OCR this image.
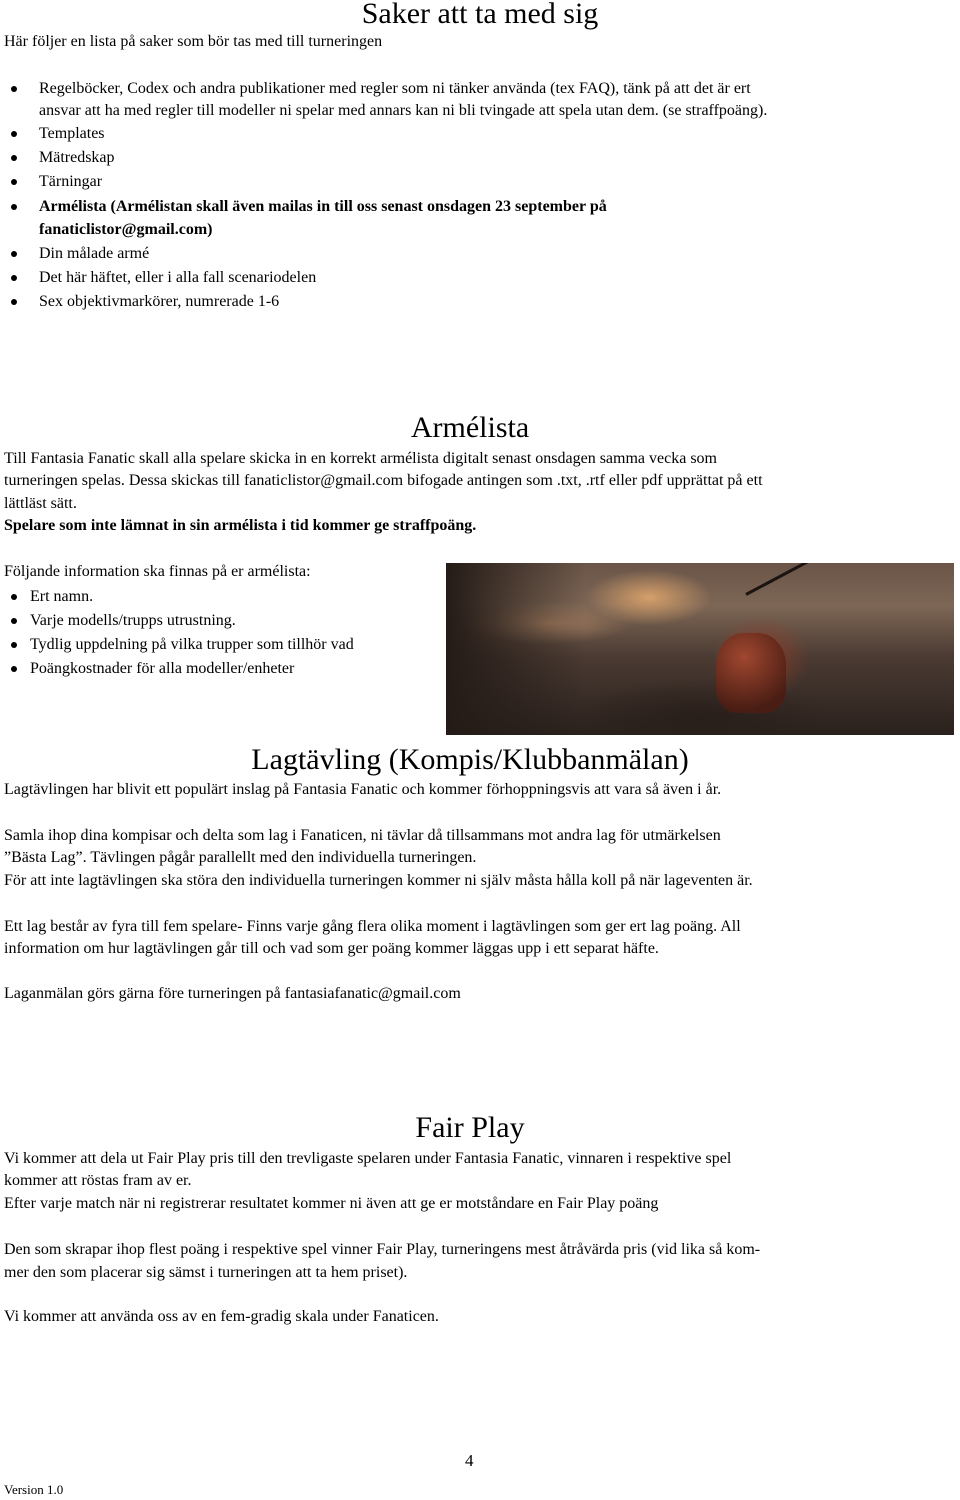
Saker att ta med sig

Här följer en lista på saker som bör tas med till turneringen

Regelböcker, Codex och andra publikationer med regler som ni tänker använda (tex FAQ), tänk på att det är ert
ansvar att ha med regler till modeller ni spelar med annars kan ni bli tvingade att spela utan dem. (se straffpoäng).
Templates
Mätredskap
Tärningar
Armélista (Armélistan skall även mailas in till oss senast onsdagen 23 september på
fanaticlistor@gmail.com)
Din målade armé
Det här häftet, eller i alla fall scenariodelen
Sex objektivmarkörer, numrerade 1-6
Armélista

Till Fantasia Fanatic skall alla spelare skicka in en korrekt armélista digitalt senast onsdagen samma vecka som

turneringen spelas. Dessa skickas till fanaticlistor@gmail.com bifogade antingen som .txt, .rtf eller pdf upprättat på ett

lättläst sätt.

Spelare som inte lämnat in sin armélista i tid kommer ge straffpoäng.

Följande information ska finnas på er armélista:

Ert namn.
Varje modells/trupps utrustning.
Tydlig uppdelning på vilka trupper som tillhör vad
Poängkostnader för alla modeller/enheter
Lagtävling (Kompis/Klubbanmälan)

Lagtävlingen har blivit ett populärt inslag på Fantasia Fanatic och kommer förhoppningsvis att vara så även i år.

Samla ihop dina kompisar och delta som lag i Fanaticen, ni tävlar då tillsammans mot andra lag för utmärkelsen

”Bästa Lag”. Tävlingen pågår parallellt med den individuella turneringen.

För att inte lagtävlingen ska störa den individuella turneringen kommer ni själv måsta hålla koll på när lageventen är.

Ett lag består av fyra till fem spelare- Finns varje gång flera olika moment i lagtävlingen som ger ert lag poäng. All

information om hur lagtävlingen går till och vad som ger poäng kommer läggas upp i ett separat häfte.

Laganmälan görs gärna före turneringen på fantasiafanatic@gmail.com

Fair Play

Vi kommer att dela ut Fair Play pris till den trevligaste spelaren under Fantasia Fanatic, vinnaren i respektive spel

kommer att röstas fram av er.

Efter varje match när ni registrerar resultatet kommer ni även att ge er motståndare en Fair Play poäng

Den som skrapar ihop flest poäng i respektive spel vinner Fair Play, turneringens mest åtråvärda pris (vid lika så kom-

mer den som placerar sig sämst i turneringen att ta hem priset).

Vi kommer att använda oss av en fem-gradig skala under Fanaticen.

4

Version 1.0
